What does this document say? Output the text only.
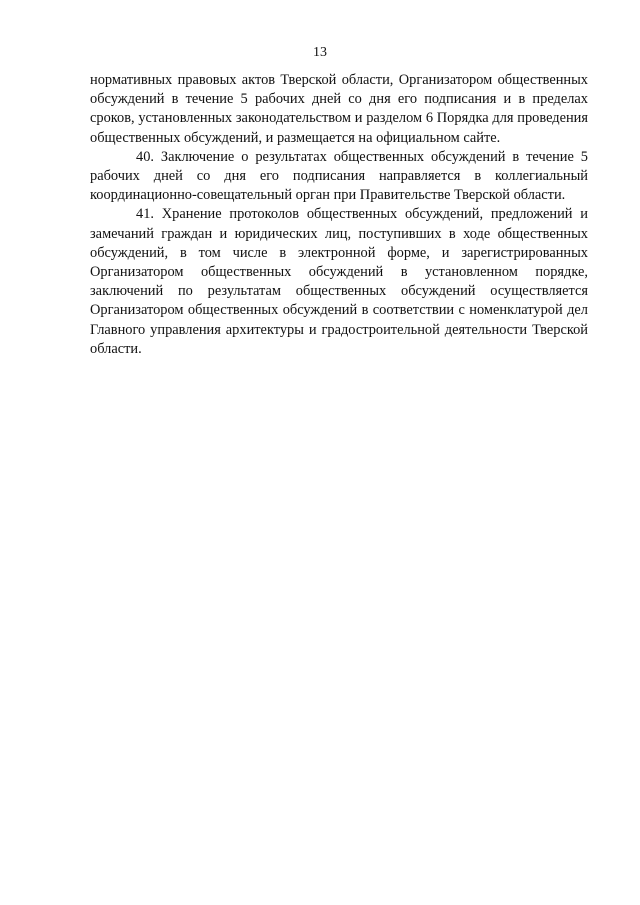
13

нормативных правовых актов Тверской области, Организатором общественных обсуждений в течение 5 рабочих дней со дня его подписания и в пределах сроков, установленных законодательством и разделом 6 Порядка для проведения общественных обсуждений, и размещается на официальном сайте.

40. Заключение о результатах общественных обсуждений в течение 5 рабочих дней со дня его подписания направляется в коллегиальный координационно-совещательный орган при Правительстве Тверской области.

41. Хранение протоколов общественных обсуждений, предложений и замечаний граждан и юридических лиц, поступивших в ходе общественных обсуждений, в том числе в электронной форме, и зарегистрированных Организатором общественных обсуждений в установленном порядке, заключений по результатам общественных обсуждений осуществляется Организатором общественных обсуждений в соответствии с номенклатурой дел Главного управления архитектуры и градостроительной деятельности Тверской области.
